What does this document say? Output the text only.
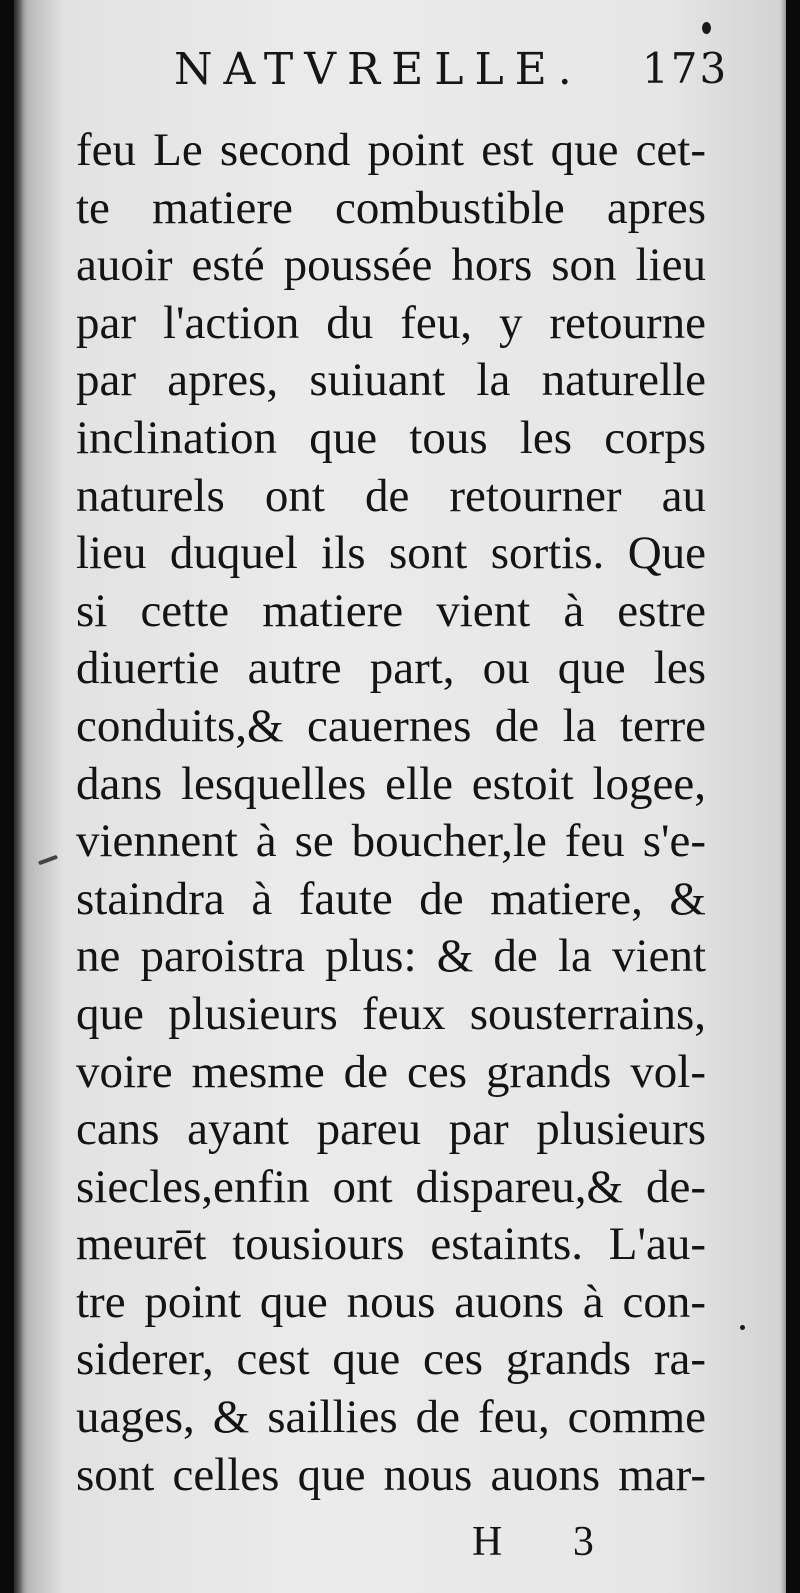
NATVRELLE. 173
feu Le second point est que cet-
te matiere combustible apres
auoir esté poussée hors son lieu
par l'action du feu, y retourne
par apres, suiuant la naturelle
inclination que tous les corps
naturels ont de retourner au
lieu duquel ils sont sortis. Que
si cette matiere vient à estre
diuertie autre part, ou que les
conduits,& cauernes de la terre
dans lesquelles elle estoit logee,
viennent à se boucher,le feu s'e-
staindra à faute de matiere, &
ne paroistra plus: & de la vient
que plusieurs feux sousterrains,
voire mesme de ces grands vol-
cans ayant pareu par plusieurs
siecles,enfin ont dispareu,& de-
meurēt tousiours estaints. L'au-
tre point que nous auons à con-
siderer, cest que ces grands ra-
uages, & saillies de feu, comme
sont celles que nous auons mar-
H 3
